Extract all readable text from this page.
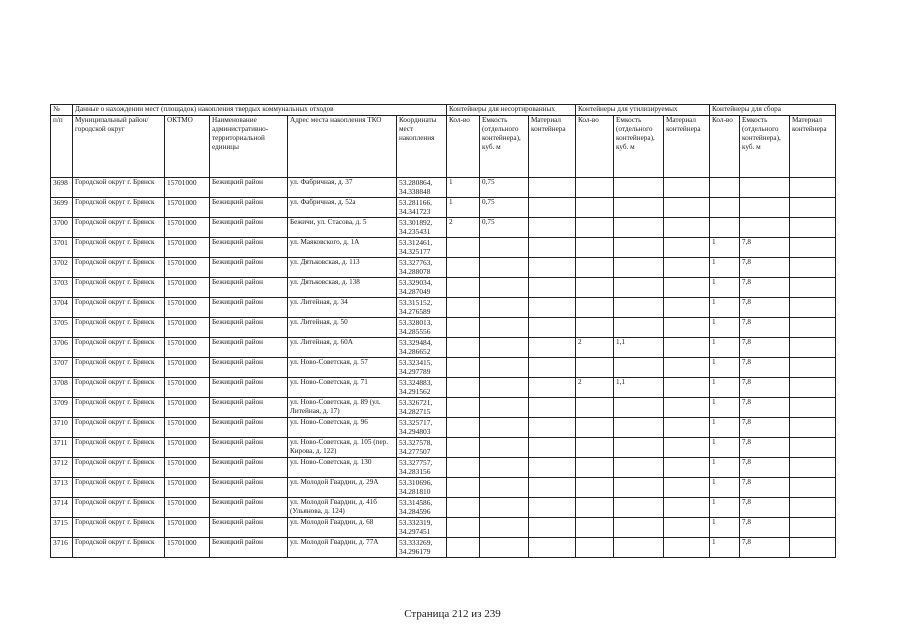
№	Данные о нахождении мест (площадок) накопления твердых коммунальных отходов					Контейнеры для несортированных			Контейнеры для утилизируемых			Контейнеры для сбора		
п/п	Муниципальный район/городской округ	ОКТМО	Наименование административно-территориальной единицы	Адрес места накопления ТКО	Координаты мест накопления	Кол-во	Емкость (отдельного контейнера), куб. м	Материал контейнера	Кол-во	Емкость (отдельного контейнера), куб. м	Материал контейнера	Кол-во	Емкость (отдельного контейнера), куб. м	Материал контейнера
3698	Городской округ г. Брянск	15701000	Бежицкий район	ул. Фабричная, д. 37	53.280864, 34.338848	1	0,75							
3699	Городской округ г. Брянск	15701000	Бежицкий район	ул. Фабричная, д. 52а	53.281166, 34.341723	1	0,75							
3700	Городской округ г. Брянск	15701000	Бежицкий район	Бежичи, ул. Стасова, д. 5	53.301892, 34.235431	2	0,75							
3701	Городской округ г. Брянск	15701000	Бежицкий район	ул. Маяковского, д. 1А	53.312461, 34.325177							1	7,8	
3702	Городской округ г. Брянск	15701000	Бежицкий район	ул. Дятьковская, д. 113	53.327763, 34.288078							1	7,8	
3703	Городской округ г. Брянск	15701000	Бежицкий район	ул. Дятьковская, д. 138	53.329034, 34.287049							1	7,8	
3704	Городской округ г. Брянск	15701000	Бежицкий район	ул. Литейная, д. 34	53.315152, 34.276589							1	7,8	
3705	Городской округ г. Брянск	15701000	Бежицкий район	ул. Литейная, д. 50	53.328013, 34.285556							1	7,8	
3706	Городской округ г. Брянск	15701000	Бежицкий район	ул. Литейная, д. 60А	53.329484, 34.286652				2	1,1		1	7,8	
3707	Городской округ г. Брянск	15701000	Бежицкий район	ул. Ново-Советская, д. 57	53.323415, 34.297789							1	7,8	
3708	Городской округ г. Брянск	15701000	Бежицкий район	ул. Ново-Советская, д. 71	53.324883, 34.291562				2	1,1		1	7,8	
3709	Городской округ г. Брянск	15701000	Бежицкий район	ул. Ново-Советская, д. 89 (ул. Литейная, д. 17)	53.326721, 34.282715							1	7,8	
3710	Городской округ г. Брянск	15701000	Бежицкий район	ул. Ново-Советская, д. 96	53.325717, 34.294803							1	7,8	
3711	Городской округ г. Брянск	15701000	Бежицкий район	ул. Ново-Советская, д. 105 (пер. Кирова, д. 122)	53.327578, 34.277507							1	7,8	
3712	Городской округ г. Брянск	15701000	Бежицкий район	ул. Ново-Советская, д. 130	53.327757, 34.283156							1	7,8	
3713	Городской округ г. Брянск	15701000	Бежицкий район	ул. Молодой Гвардии, д. 29А	53.310696, 34.281810							1	7,8	
3714	Городской округ г. Брянск	15701000	Бежицкий район	ул. Молодой Гвардии, д. 41б (Ульянова, д. 124)	53.314586, 34.284596							1	7,8	
3715	Городской округ г. Брянск	15701000	Бежицкий район	ул. Молодой Гвардии, д. 68	53.332319, 34.297451							1	7,8	
3716	Городской округ г. Брянск	15701000	Бежицкий район	ул. Молодой Гвардии, д. 77А	53.333269, 34.296179							1	7,8	
Страница 212 из 239
